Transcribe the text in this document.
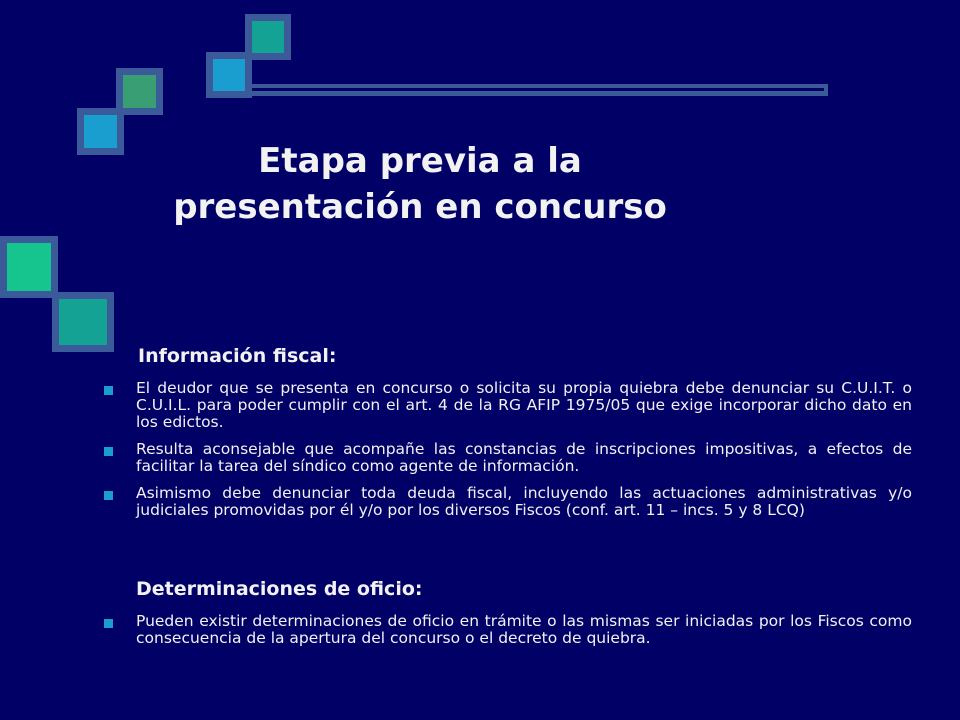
Etapa previa a la
presentación en concurso
Información fiscal:
El deudor que se presenta en concurso o solicita su propia quiebra debe denunciar su C.U.I.T. o C.U.I.L. para poder cumplir con el art. 4 de la RG AFIP 1975/05 que exige incorporar dicho dato en los edictos.
Resulta aconsejable que acompañe las constancias de inscripciones impositivas, a efectos de facilitar la tarea del síndico como agente de información.
Asimismo debe denunciar toda deuda fiscal, incluyendo las actuaciones administrativas y/o judiciales promovidas por él y/o por los diversos Fiscos (conf. art. 11 – incs. 5 y 8 LCQ)
Determinaciones de oficio:
Pueden existir determinaciones de oficio en trámite o las mismas ser iniciadas por los Fiscos como consecuencia de la apertura del concurso o el decreto de quiebra.
